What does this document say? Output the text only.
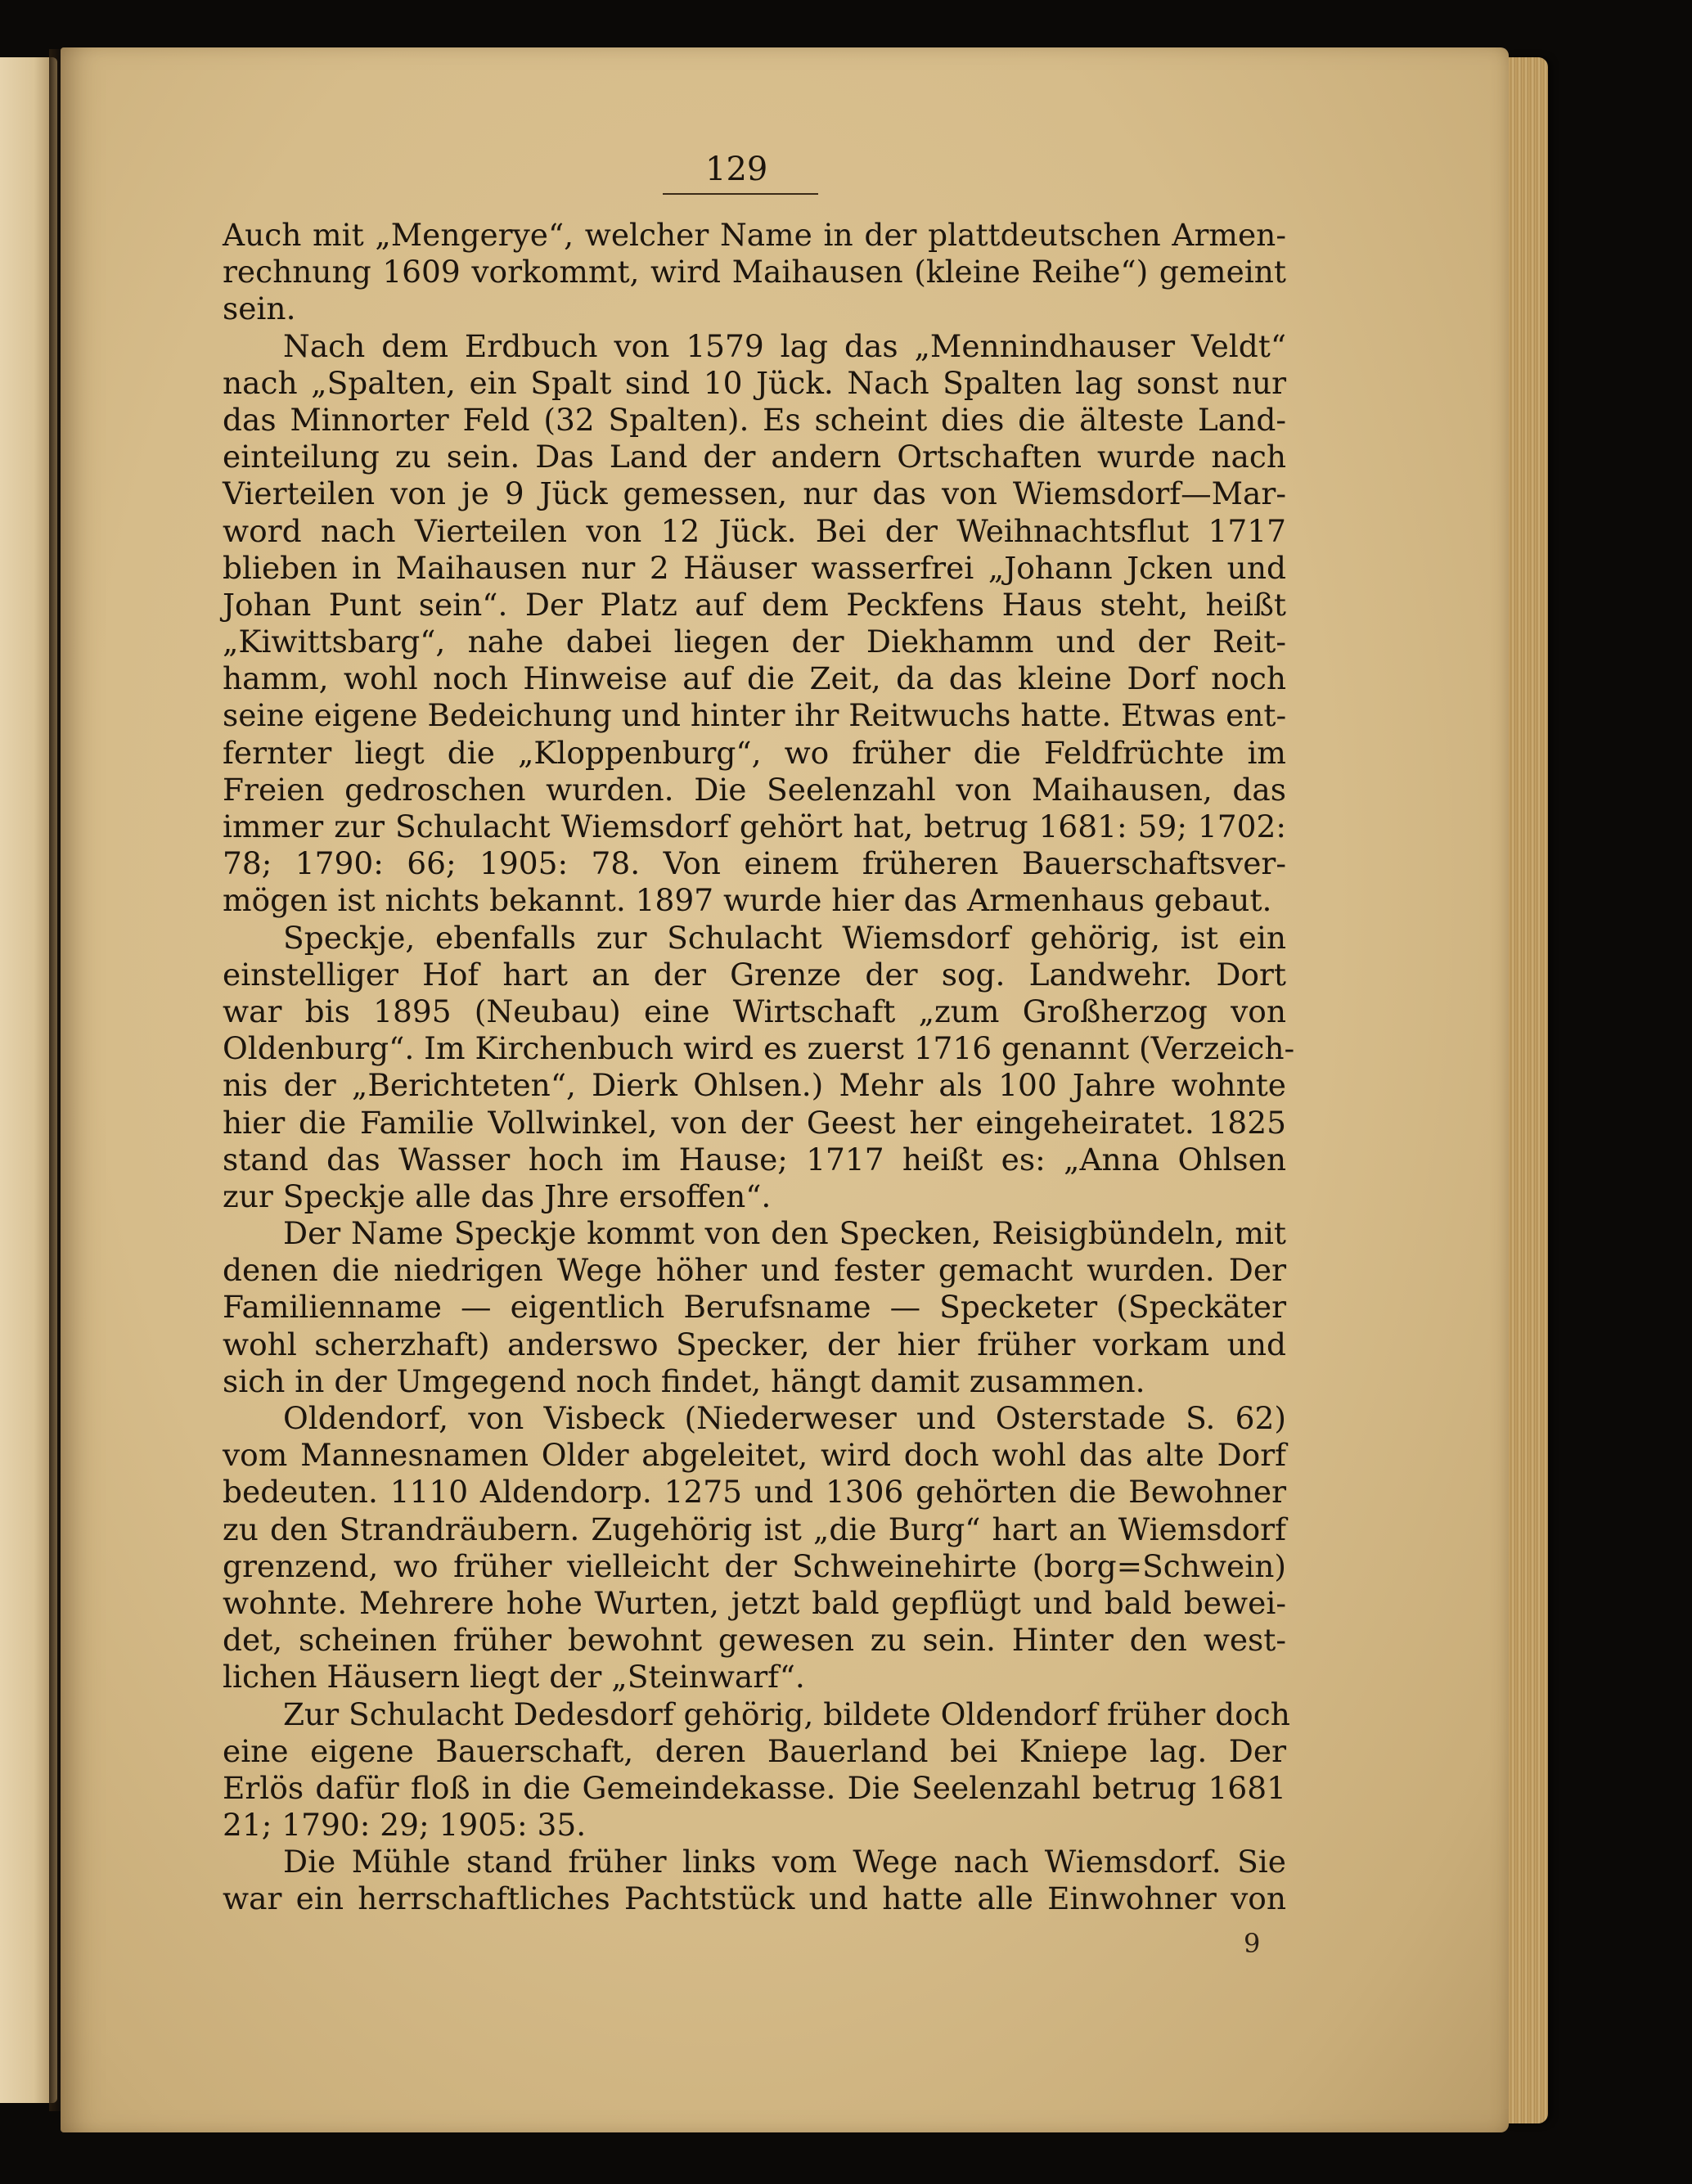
129
Auch mit „Mengerye“, welcher Name in der plattdeutschen Armen-
rechnung 1609 vorkommt, wird Maihausen (kleine Reihe“) gemeint
sein.
Nach dem Erdbuch von 1579 lag das „Mennindhauser Veldt“
nach „Spalten, ein Spalt sind 10 Jück. Nach Spalten lag sonst nur
das Minnorter Feld (32 Spalten). Es scheint dies die älteste Land-
einteilung zu sein. Das Land der andern Ortschaften wurde nach
Vierteilen von je 9 Jück gemessen, nur das von Wiemsdorf—Mar-
word nach Vierteilen von 12 Jück. Bei der Weihnachtsflut 1717
blieben in Maihausen nur 2 Häuser wasserfrei „Johann Jcken und
Johan Punt sein“. Der Platz auf dem Peckfens Haus steht, heißt
„Kiwittsbarg“, nahe dabei liegen der Diekhamm und der Reit-
hamm, wohl noch Hinweise auf die Zeit, da das kleine Dorf noch
seine eigene Bedeichung und hinter ihr Reitwuchs hatte. Etwas ent-
fernter liegt die „Kloppenburg“, wo früher die Feldfrüchte im
Freien gedroschen wurden. Die Seelenzahl von Maihausen, das
immer zur Schulacht Wiemsdorf gehört hat, betrug 1681: 59; 1702:
78; 1790: 66; 1905: 78. Von einem früheren Bauerschaftsver-
mögen ist nichts bekannt. 1897 wurde hier das Armenhaus gebaut.
Speckje, ebenfalls zur Schulacht Wiemsdorf gehörig, ist ein
einstelliger Hof hart an der Grenze der sog. Landwehr. Dort
war bis 1895 (Neubau) eine Wirtschaft „zum Großherzog von
Oldenburg“. Im Kirchenbuch wird es zuerst 1716 genannt (Verzeich-
nis der „Berichteten“, Dierk Ohlsen.) Mehr als 100 Jahre wohnte
hier die Familie Vollwinkel, von der Geest her eingeheiratet. 1825
stand das Wasser hoch im Hause; 1717 heißt es: „Anna Ohlsen
zur Speckje alle das Jhre ersoffen“.
Der Name Speckje kommt von den Specken, Reisigbündeln, mit
denen die niedrigen Wege höher und fester gemacht wurden. Der
Familienname — eigentlich Berufsname — Specketer (Speckäter
wohl scherzhaft) anderswo Specker, der hier früher vorkam und
sich in der Umgegend noch findet, hängt damit zusammen.
Oldendorf, von Visbeck (Niederweser und Osterstade S. 62)
vom Mannesnamen Older abgeleitet, wird doch wohl das alte Dorf
bedeuten. 1110 Aldendorp. 1275 und 1306 gehörten die Bewohner
zu den Strandräubern. Zugehörig ist „die Burg“ hart an Wiemsdorf
grenzend, wo früher vielleicht der Schweinehirte (borg=Schwein)
wohnte. Mehrere hohe Wurten, jetzt bald gepflügt und bald bewei-
det, scheinen früher bewohnt gewesen zu sein. Hinter den west-
lichen Häusern liegt der „Steinwarf“.
Zur Schulacht Dedesdorf gehörig, bildete Oldendorf früher doch
eine eigene Bauerschaft, deren Bauerland bei Kniepe lag. Der
Erlös dafür floß in die Gemeindekasse. Die Seelenzahl betrug 1681
21; 1790: 29; 1905: 35.
Die Mühle stand früher links vom Wege nach Wiemsdorf. Sie
war ein herrschaftliches Pachtstück und hatte alle Einwohner von
9
